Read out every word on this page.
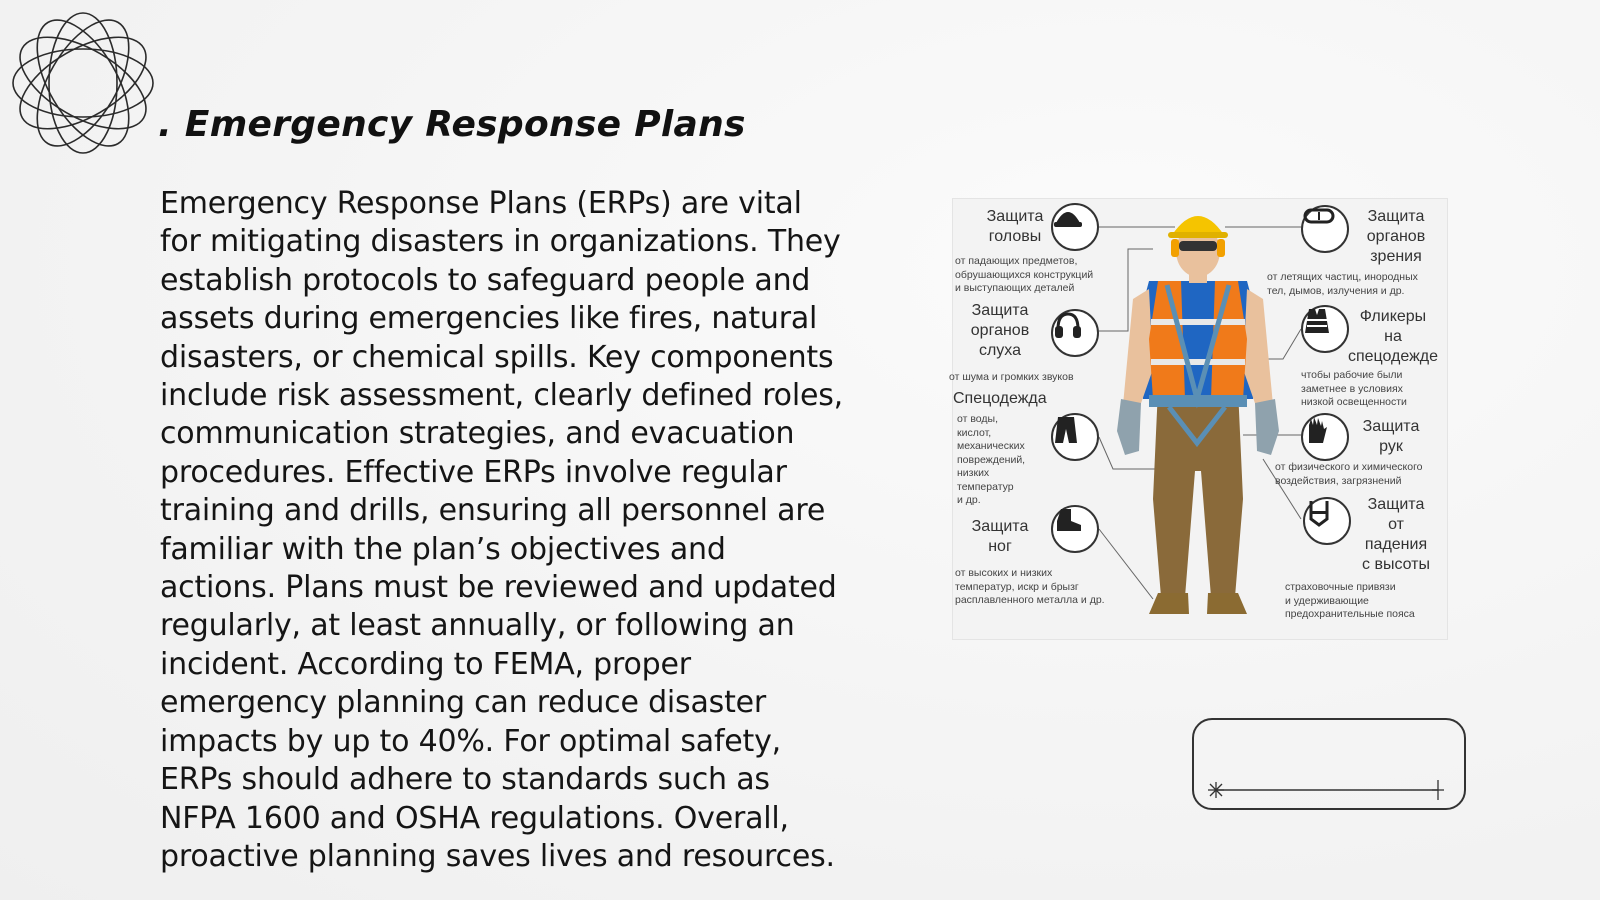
. Emergency Response Plans

Emergency Response Plans (ERPs) are vital for mitigating disasters in organizations. They establish protocols to safeguard people and assets during emergencies like fires, natural disasters, or chemical spills. Key components include risk assessment, clearly defined roles, communication strategies, and evacuation procedures. Effective ERPs involve regular training and drills, ensuring all personnel are familiar with the plan’s objectives and actions. Plans must be reviewed and updated regularly, at least annually, or following an incident. According to FEMA, proper emergency planning can reduce disaster impacts by up to 40%. For optimal safety, ERPs should adhere to standards such as NFPA 1600 and OSHA regulations. Overall, proactive planning saves lives and resources.

Защита
головы
от падающих предметов,
обрушающихся конструкций
и выступающих деталей
Защита
органов
слуха
от шума и громких звуков
Спецодежда
от воды,
кислот,
механических
повреждений,
низких
температур
и др.
Защита
ног
от высоких и низких
температур, искр и брызг
расплавленного металла и др.
Защита
органов
зрения
от летящих частиц, инородных
тел, дымов, излучения и др.
Фликеры
на
спецодежде
чтобы рабочие были
заметнее в условиях
низкой освещенности
Защита
рук
от физического и химического
воздействия, загрязнений
Защита
от
падения
с высоты
страховочные привязи
и удерживающие
предохранительные пояса
